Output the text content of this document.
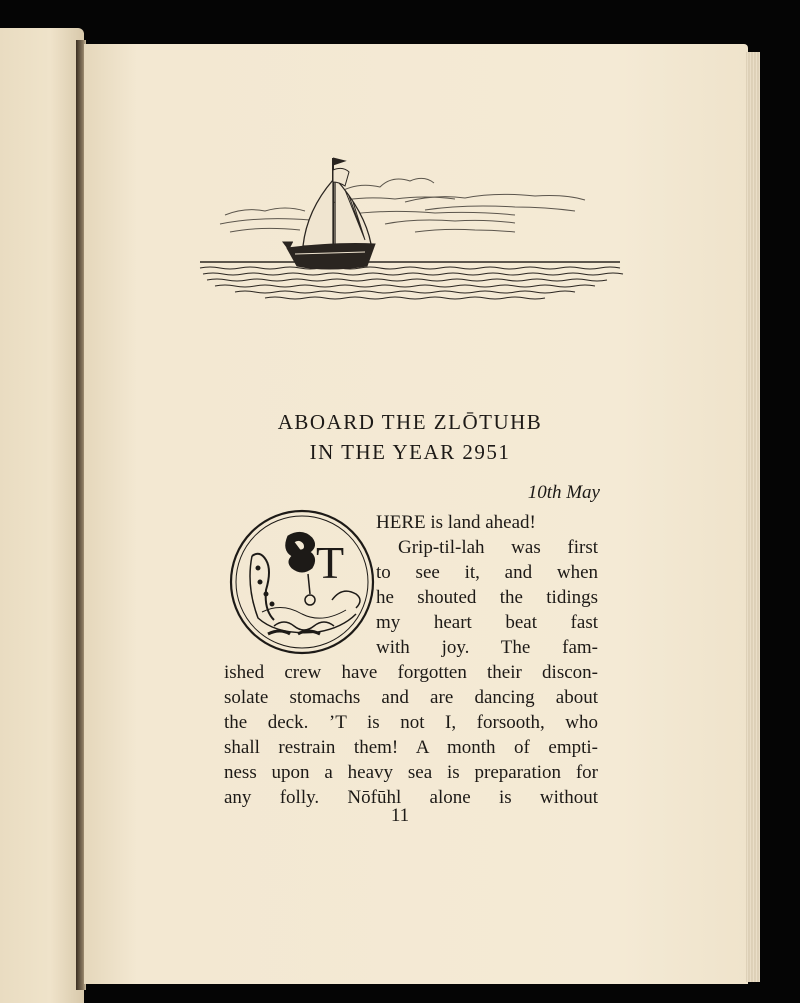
ABOARD THE ZLŌTUHB
IN THE YEAR 2951
10th May
T

HERE is land ahead!

Grip-til-lah was first

to see it, and when

he shouted the tidings

my heart beat fast

with joy. The fam-

ished crew have forgotten their discon-

solate stomachs and are dancing about

the deck. ’T is not I, forsooth, who

shall restrain them! A month of empti-

ness upon a heavy sea is preparation for

any folly. Nōfūhl alone is without

11
